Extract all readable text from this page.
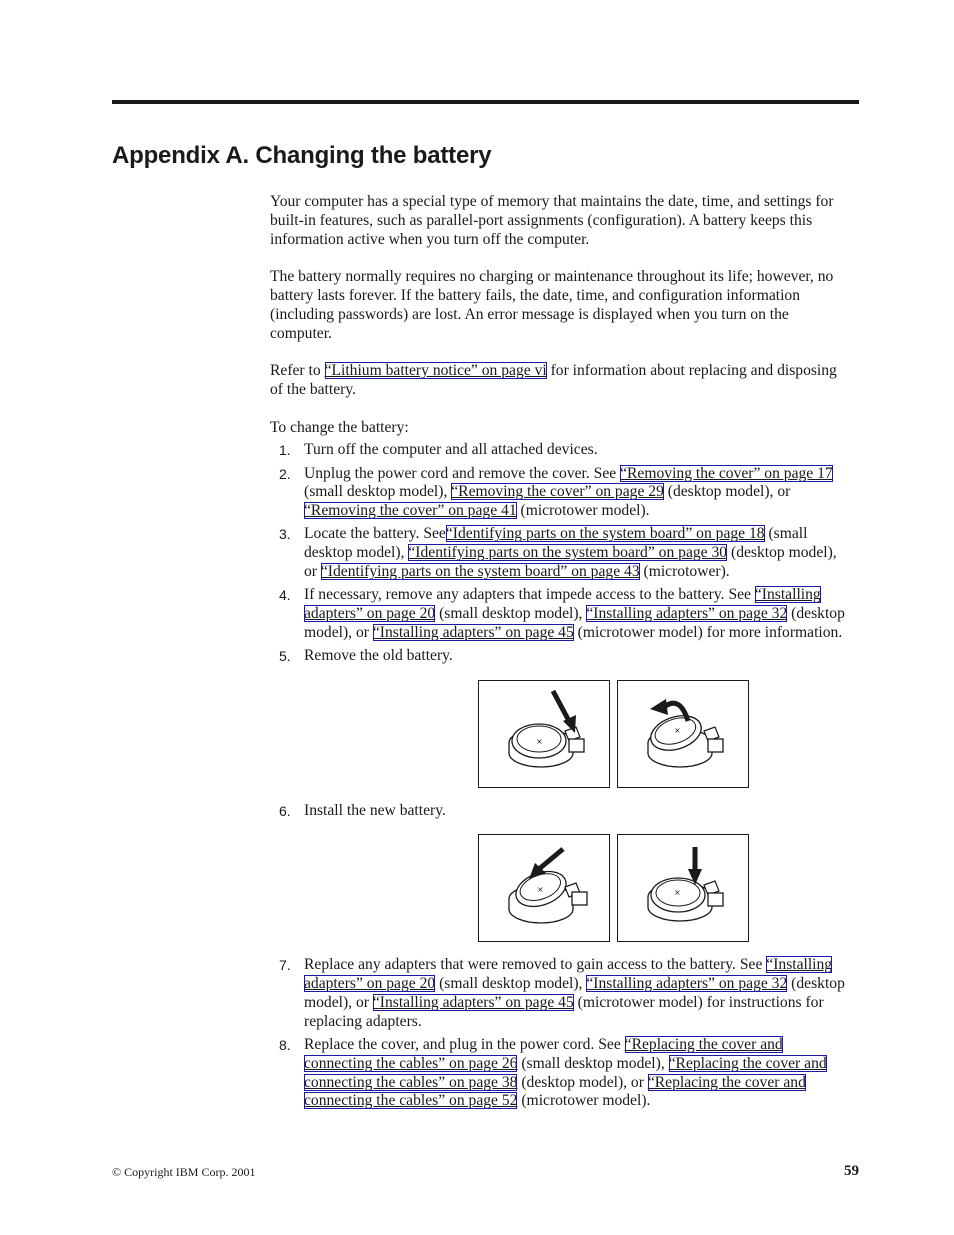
Appendix A. Changing the battery

Your computer has a special type of memory that maintains the date, time, and settings for built-in features, such as parallel-port assignments (configuration). A battery keeps this information active when you turn off the computer.

The battery normally requires no charging or maintenance throughout its life; however, no battery lasts forever. If the battery fails, the date, time, and configuration information (including passwords) are lost. An error message is displayed when you turn on the computer.

Refer to “Lithium battery notice” on page vi for information about replacing and disposing of the battery.

To change the battery:

1. Turn off the computer and all attached devices.
2. Unplug the power cord and remove the cover. See “Removing the cover” on page 17 (small desktop model), “Removing the cover” on page 29 (desktop model), or “Removing the cover” on page 41 (microtower model).
3. Locate the battery. See“Identifying parts on the system board” on page 18 (small desktop model), “Identifying parts on the system board” on page 30 (desktop model), or “Identifying parts on the system board” on page 43 (microtower).
4. If necessary, remove any adapters that impede access to the battery. See “Installing adapters” on page 20 (small desktop model), “Installing adapters” on page 32 (desktop model), or “Installing adapters” on page 45 (microtower model) for more information.
5. Remove the old battery.
×
×
6. Install the new battery.
×	×
7. Replace any adapters that were removed to gain access to the battery. See “Installing adapters” on page 20 (small desktop model), “Installing adapters” on page 32 (desktop model), or “Installing adapters” on page 45 (microtower model) for instructions for replacing adapters.
8. Replace the cover, and plug in the power cord. See “Replacing the cover and connecting the cables” on page 26 (small desktop model), “Replacing the cover and connecting the cables” on page 38 (desktop model), or “Replacing the cover and connecting the cables” on page 52 (microtower model).
© Copyright IBM Corp. 2001	59
